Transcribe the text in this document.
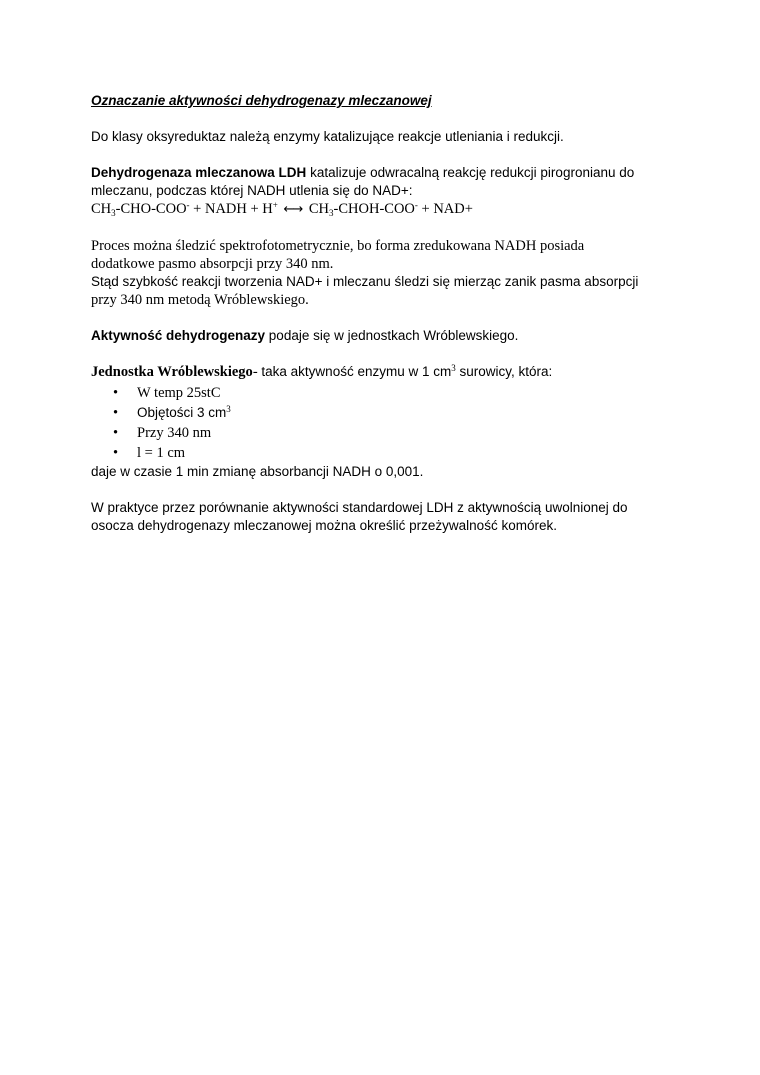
Oznaczanie aktywności dehydrogenazy mleczanowej

Do klasy oksyreduktaz należą enzymy katalizujące reakcje utleniania i redukcji.

Dehydrogenaza mleczanowa LDH katalizuje odwracalną reakcję redukcji pirogronianu do

mleczanu, podczas której NADH utlenia się do NAD+:

$CH_3-CHO-COO^-$ + NADH + H+ ←→ $CH_3-CHOH-COO^- + NAD+$

Proces można śledzić spektrofotometrycznie, bo forma zredukowana NADH posiada

dodatkowe pasmo absorpcji przy 340 nm.

Stąd szybkość reakcji tworzenia NAD+ i mleczanu śledzi się mierząc zanik pasma absorpcji

przy 340 nm metodą Wróblewskiego.

Aktywność dehydrogenazy podaje się w jednostkach Wróblewskiego.

Jednostka Wróblewskiego- taka aktywność enzymu w 1 $cm^3$ surowicy, która:

• W temp 25stC
• Objętości 3 $cm^3$
• Przy 340 nm
• l = 1 cm

daje w czasie 1 min zmianę absorbancji NADH o 0,001.

W praktyce przez porównanie aktywności standardowej LDH z aktywnością uwolnionej do

osocza dehydrogenazy mleczanowej można określić przeżywalność komórek.
